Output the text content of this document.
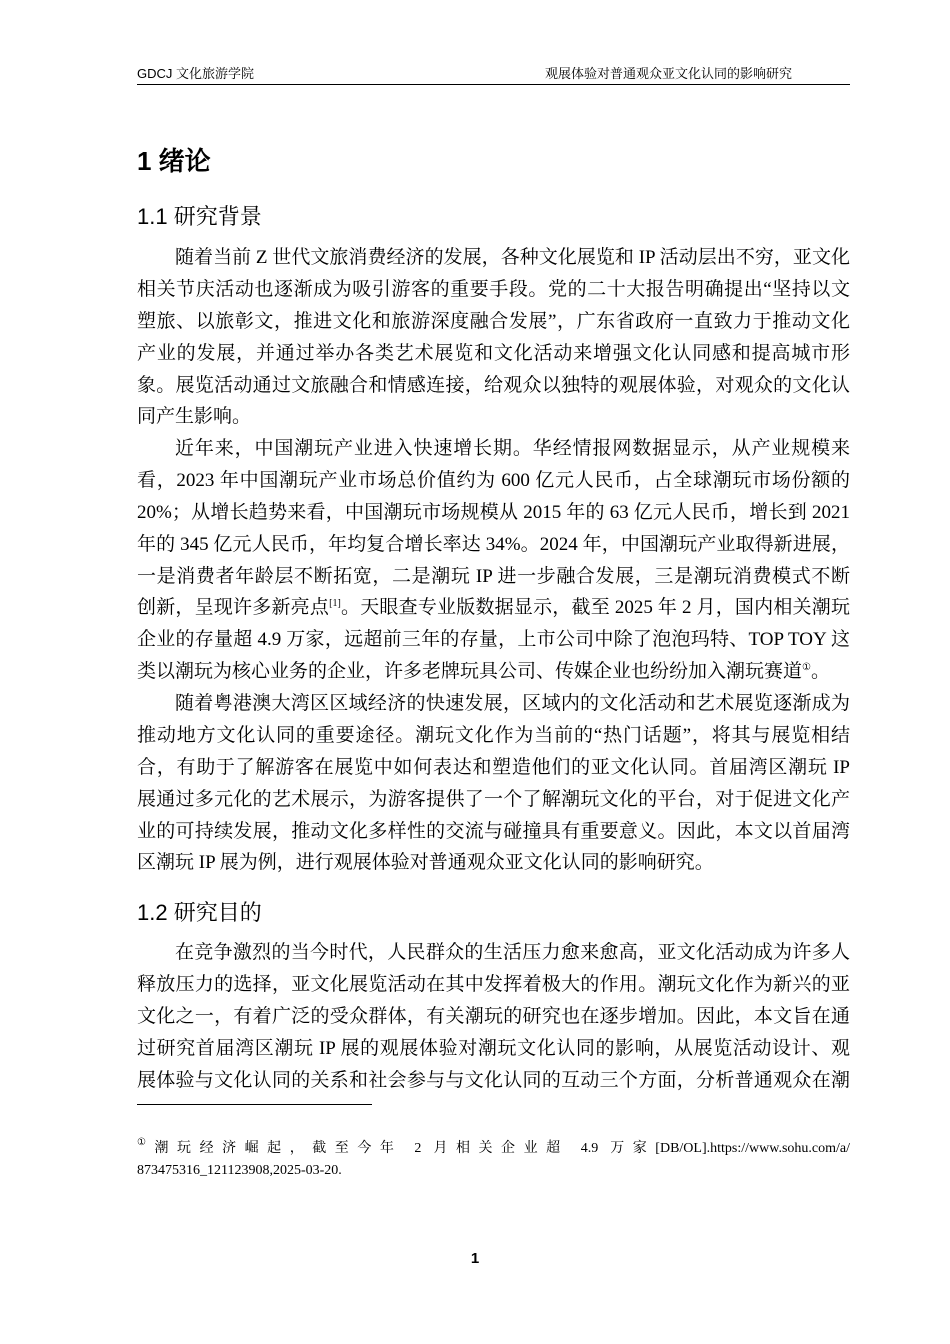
GDCJ 文化旅游学院	观展体验对普通观众亚文化认同的影响研究
1 绪论
1.1 研究背景
随着当前 Z 世代文旅消费经济的发展，各种文化展览和 IP 活动层出不穷，亚文化
相关节庆活动也逐渐成为吸引游客的重要手段。党的二十大报告明确提出“坚持以文
塑旅、以旅彰文，推进文化和旅游深度融合发展”，广东省政府一直致力于推动文化
产业的发展，并通过举办各类艺术展览和文化活动来增强文化认同感和提高城市形
象。展览活动通过文旅融合和情感连接，给观众以独特的观展体验，对观众的文化认
同产生影响。
近年来，中国潮玩产业进入快速增长期。华经情报网数据显示，从产业规模来
看，2023 年中国潮玩产业市场总价值约为 600 亿元人民币，占全球潮玩市场份额的
20%；从增长趋势来看，中国潮玩市场规模从 2015 年的 63 亿元人民币，增长到 2021
年的 345 亿元人民币，年均复合增长率达 34%。2024 年，中国潮玩产业取得新进展，
一是消费者年龄层不断拓宽，二是潮玩 IP 进一步融合发展，三是潮玩消费模式不断
创新，呈现许多新亮点[1]。天眼查专业版数据显示，截至 2025 年 2 月，国内相关潮玩
企业的存量超 4.9 万家，远超前三年的存量，上市公司中除了泡泡玛特、TOP TOY 这
类以潮玩为核心业务的企业，许多老牌玩具公司、传媒企业也纷纷加入潮玩赛道①。
随着粤港澳大湾区区域经济的快速发展，区域内的文化活动和艺术展览逐渐成为
推动地方文化认同的重要途径。潮玩文化作为当前的“热门话题”，将其与展览相结
合，有助于了解游客在展览中如何表达和塑造他们的亚文化认同。首届湾区潮玩 IP
展通过多元化的艺术展示，为游客提供了一个了解潮玩文化的平台，对于促进文化产
业的可持续发展，推动文化多样性的交流与碰撞具有重要意义。因此，本文以首届湾
区潮玩 IP 展为例，进行观展体验对普通观众亚文化认同的影响研究。
1.2 研究目的
在竞争激烈的当今时代，人民群众的生活压力愈来愈高，亚文化活动成为许多人
释放压力的选择，亚文化展览活动在其中发挥着极大的作用。潮玩文化作为新兴的亚
文化之一，有着广泛的受众群体，有关潮玩的研究也在逐步增加。因此，本文旨在通
过研究首届湾区潮玩 IP 展的观展体验对潮玩文化认同的影响，从展览活动设计、观
展体验与文化认同的关系和社会参与与文化认同的互动三个方面，分析普通观众在潮
①潮玩经济崛起，截至今年 2 月相关企业超 4.9 万家[DB/OL].https://www.sohu.com/a/
873475316_121123908,2025-03-20.
1
